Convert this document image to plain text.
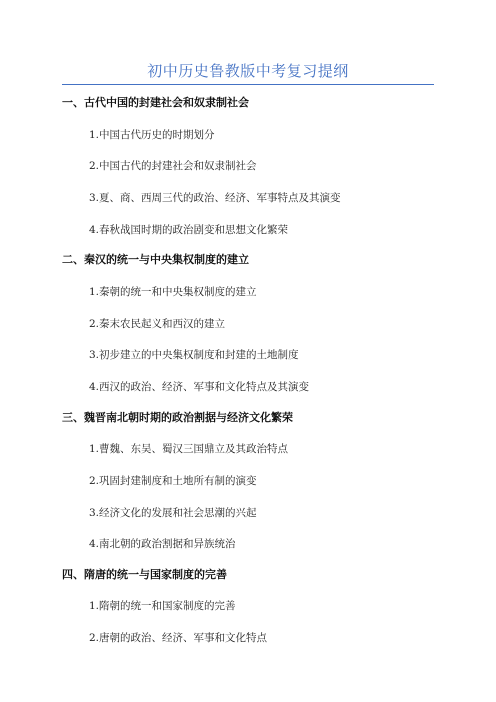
初中历史鲁教版中考复习提纲
一、古代中国的封建社会和奴隶制社会
1.中国古代历史的时期划分
2.中国古代的封建社会和奴隶制社会
3.夏、商、西周三代的政治、经济、军事特点及其演变
4.春秋战国时期的政治剧变和思想文化繁荣
二、秦汉的统一与中央集权制度的建立
1.秦朝的统一和中央集权制度的建立
2.秦末农民起义和西汉的建立
3.初步建立的中央集权制度和封建的土地制度
4.西汉的政治、经济、军事和文化特点及其演变
三、魏晋南北朝时期的政治割据与经济文化繁荣
1.曹魏、东吴、蜀汉三国鼎立及其政治特点
2.巩固封建制度和土地所有制的演变
3.经济文化的发展和社会思潮的兴起
4.南北朝的政治割据和异族统治
四、隋唐的统一与国家制度的完善
1.隋朝的统一和国家制度的完善
2.唐朝的政治、经济、军事和文化特点
